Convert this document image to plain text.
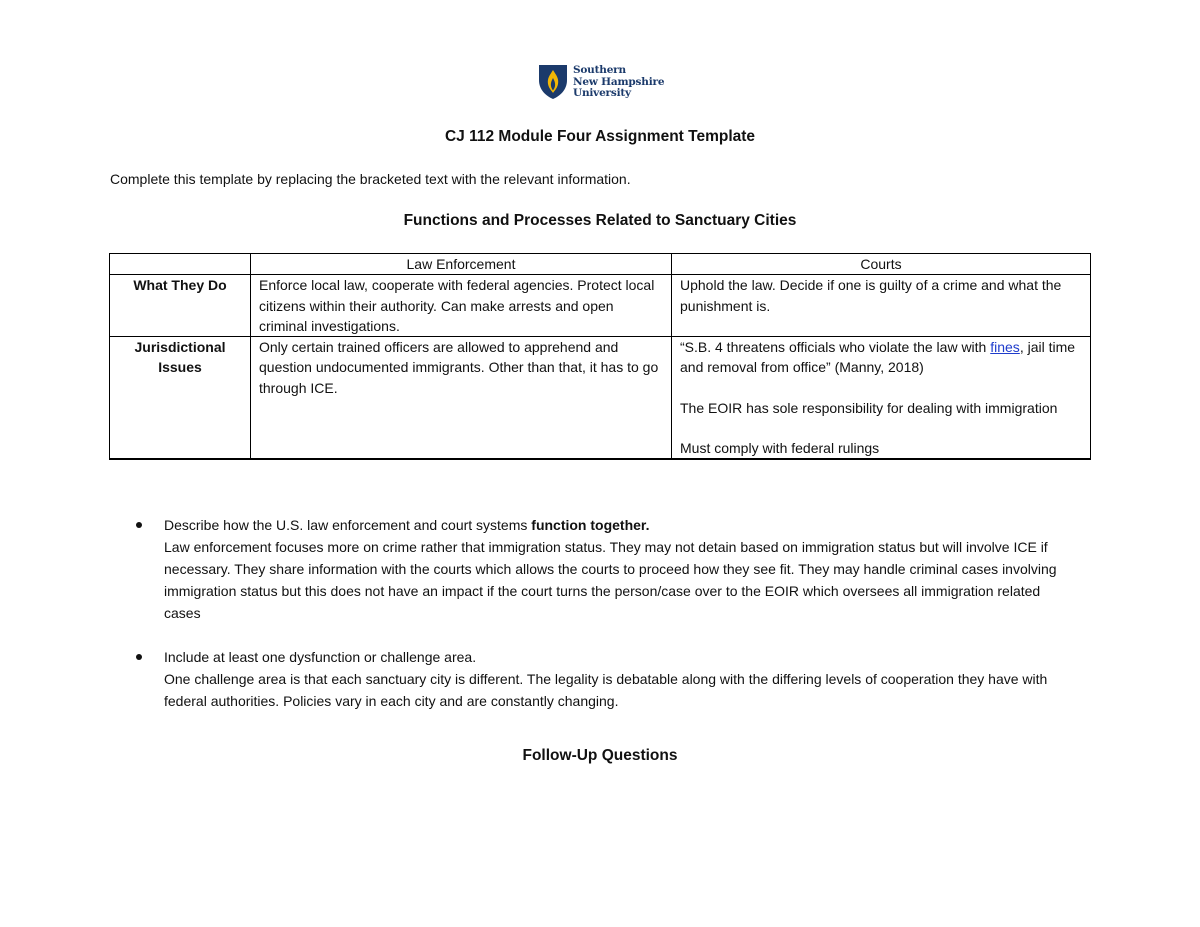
Southern
New Hampshire
University
CJ 112 Module Four Assignment Template
Complete this template by replacing the bracketed text with the relevant information.
Functions and Processes Related to Sanctuary Cities
	Law Enforcement	Courts
What They Do	Enforce local law, cooperate with federal agencies. Protect local citizens within their authority. Can make arrests and open criminal investigations.	Uphold the law. Decide if one is guilty of a crime and what the punishment is.
Jurisdictional Issues	Only certain trained officers are allowed to apprehend and question undocumented immigrants. Other than that, it has to go through ICE.	“S.B. 4 threatens officials who violate the law with fines, jail time and removal from office” (Manny, 2018)
The EOIR has sole responsibility for dealing with immigration
Must comply with federal rulings
Describe how the U.S. law enforcement and court systems function together.
Law enforcement focuses more on crime rather that immigration status. They may not detain based on immigration status but will involve ICE if necessary. They share information with the courts which allows the courts to proceed how they see fit. They may handle criminal cases involving immigration status but this does not have an impact if the court turns the person/case over to the EOIR which oversees all immigration related cases
Include at least one dysfunction or challenge area.
One challenge area is that each sanctuary city is different. The legality is debatable along with the differing levels of cooperation they have with federal authorities. Policies vary in each city and are constantly changing.
Follow-Up Questions
